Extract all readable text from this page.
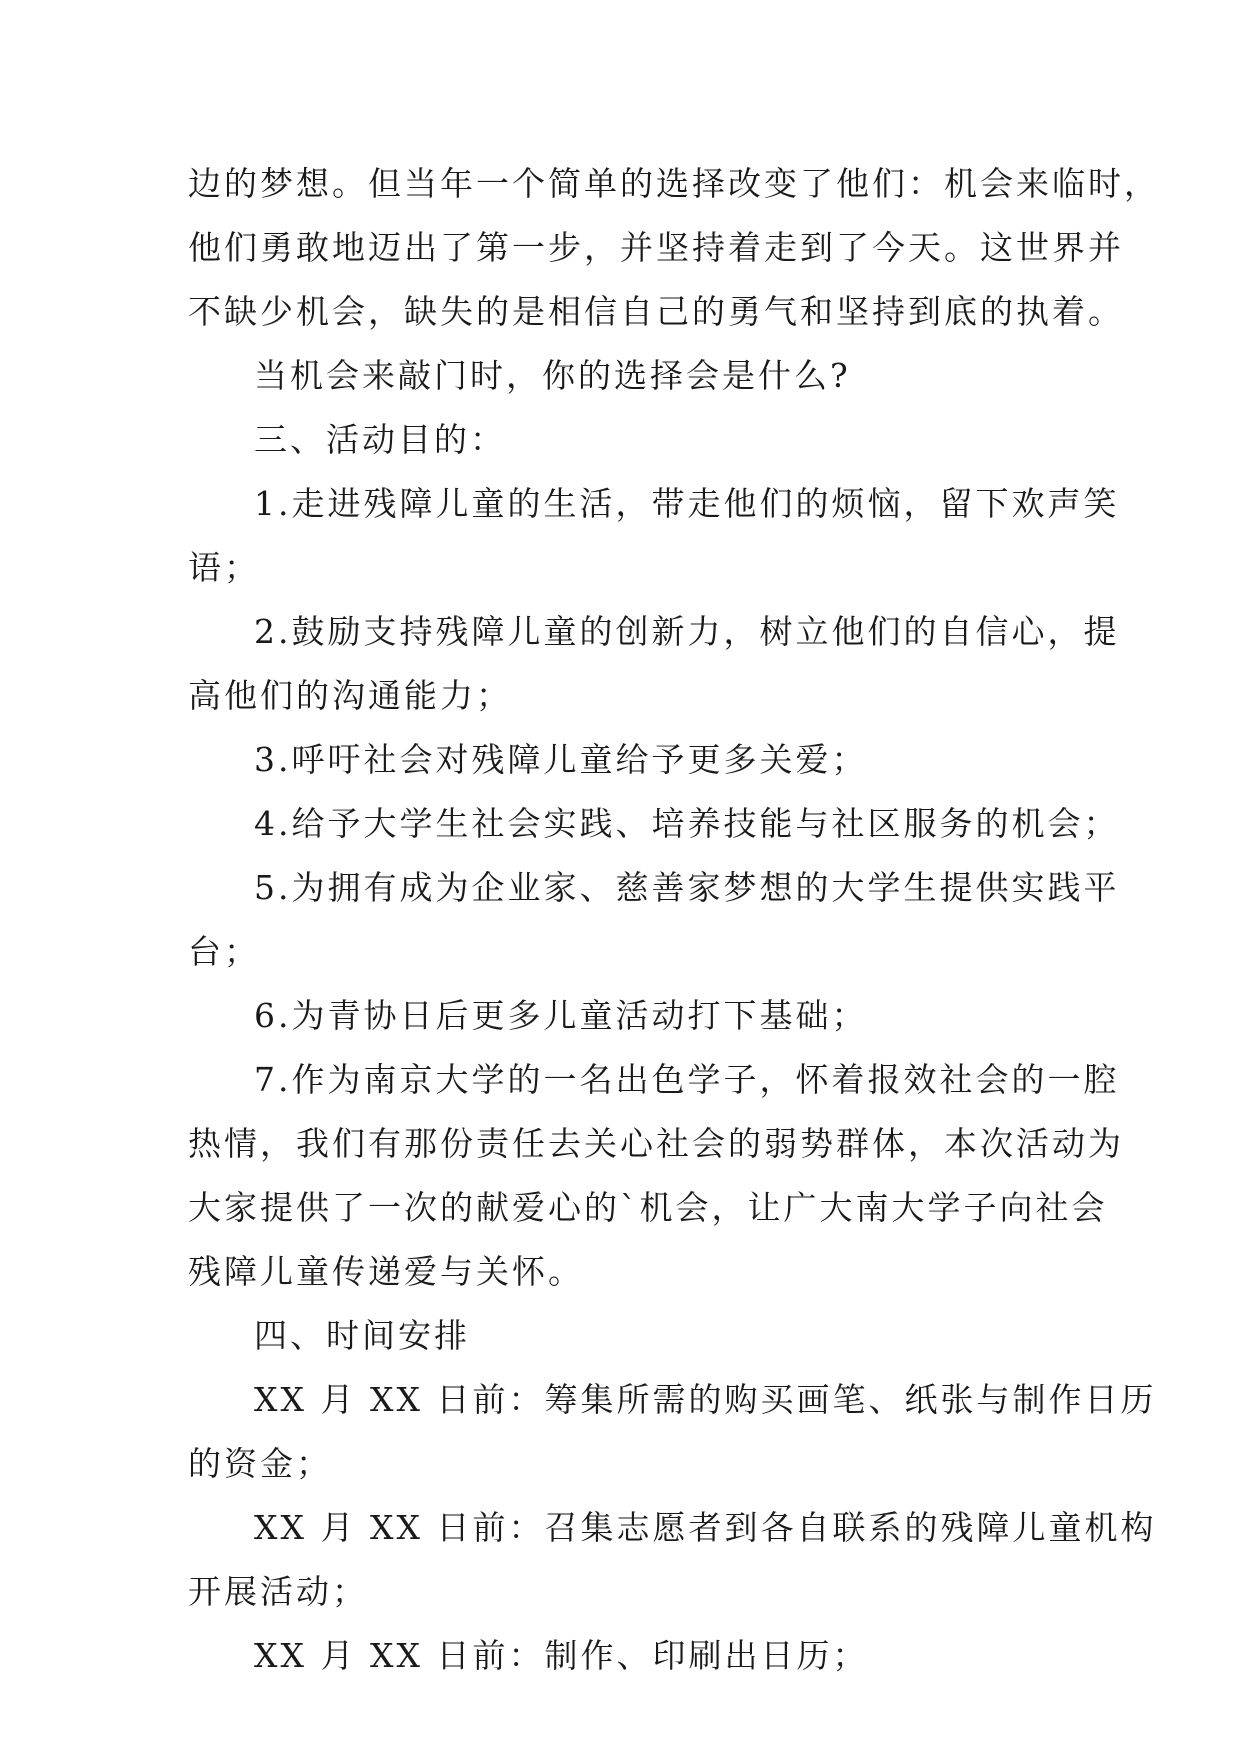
边的梦想。但当年一个简单的选择改变了他们：机会来临时，
他们勇敢地迈出了第一步，并坚持着走到了今天。这世界并
不缺少机会，缺失的是相信自己的勇气和坚持到底的执着。
当机会来敲门时，你的选择会是什么?
三、活动目的：
1.走进残障儿童的生活，带走他们的烦恼，留下欢声笑
语；
2.鼓励支持残障儿童的创新力，树立他们的自信心，提
高他们的沟通能力；
3.呼吁社会对残障儿童给予更多关爱；
4.给予大学生社会实践、培养技能与社区服务的机会；
5.为拥有成为企业家、慈善家梦想的大学生提供实践平
台；
6.为青协日后更多儿童活动打下基础；
7.作为南京大学的一名出色学子，怀着报效社会的一腔
热情，我们有那份责任去关心社会的弱势群体，本次活动为
大家提供了一次的献爱心的`机会，让广大南大学子向社会
残障儿童传递爱与关怀。
四、时间安排
XX 月 XX 日前：筹集所需的购买画笔、纸张与制作日历
的资金；
XX 月 XX 日前：召集志愿者到各自联系的残障儿童机构
开展活动；
XX 月 XX 日前：制作、印刷出日历；
